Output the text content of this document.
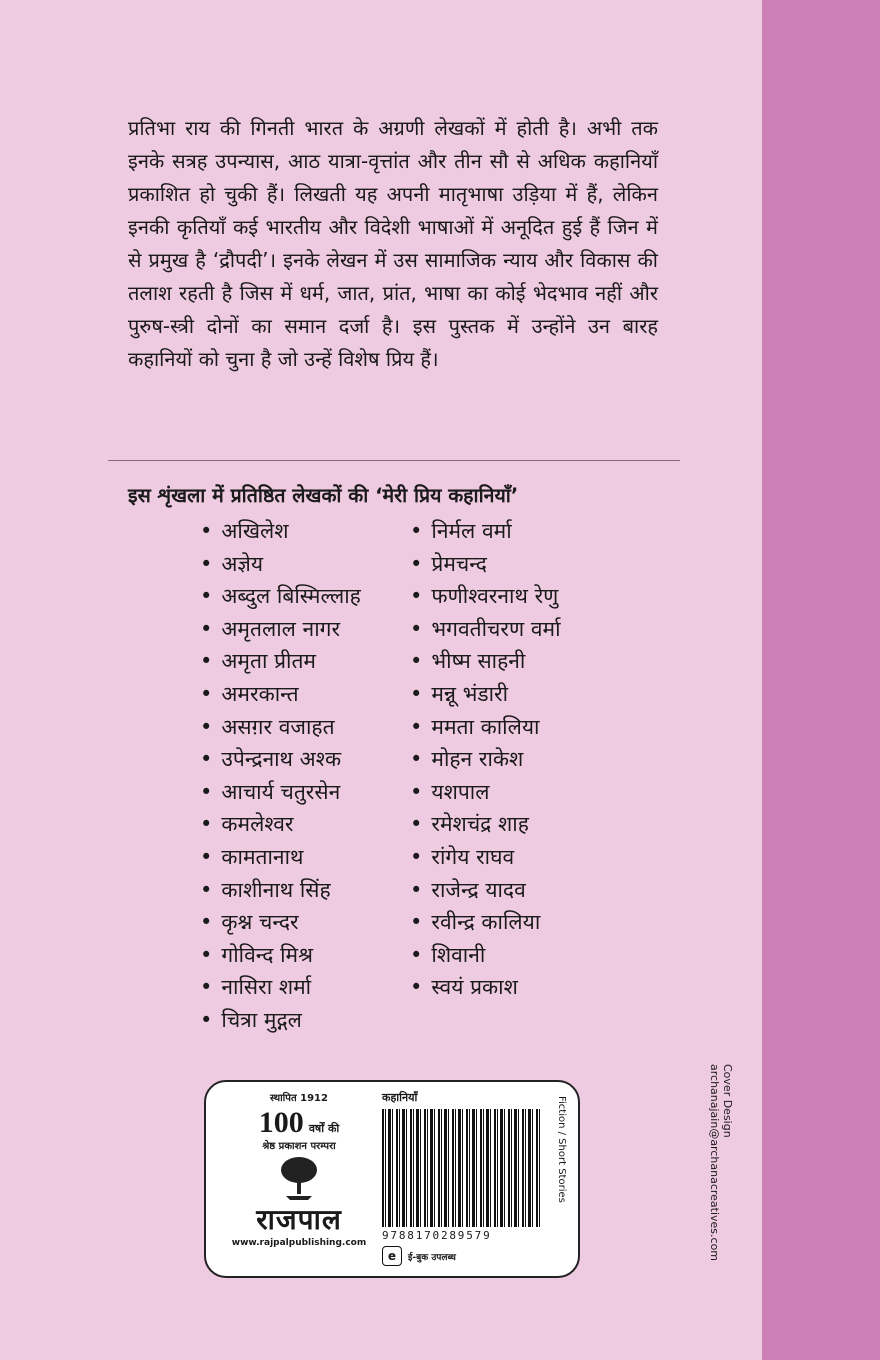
प्रतिभा राय की गिनती भारत के अग्रणी लेखकों में होती है। अभी तक इनके सत्रह उपन्यास, आठ यात्रा-वृत्तांत और तीन सौ से अधिक कहानियाँ प्रकाशित हो चुकी हैं। लिखती यह अपनी मातृभाषा उड़िया में हैं, लेकिन इनकी कृतियाँ कई भारतीय और विदेशी भाषाओं में अनूदित हुई हैं जिन में से प्रमुख है ‘द्रौपदी’। इनके लेखन में उस सामाजिक न्याय और विकास की तलाश रहती है जिस में धर्म, जात, प्रांत, भाषा का कोई भेदभाव नहीं और पुरुष-स्त्री दोनों का समान दर्जा है। इस पुस्तक में उन्होंने उन बारह कहानियों को चुना है जो उन्हें विशेष प्रिय हैं।

इस शृंखला में प्रतिष्ठित लेखकों की ‘मेरी प्रिय कहानियाँ’
• अखिलेश
• अज्ञेय
• अब्दुल बिस्मिल्लाह
• अमृतलाल नागर
• अमृता प्रीतम
• अमरकान्त
• असग़र वजाहत
• उपेन्द्रनाथ अश्क
• आचार्य चतुरसेन
• कमलेश्वर
• कामतानाथ
• काशीनाथ सिंह
• कृश्न चन्दर
• गोविन्द मिश्र
• नासिरा शर्मा
• चित्रा मुद्गल
• निर्मल वर्मा
• प्रेमचन्द
• फणीश्वरनाथ रेणु
• भगवतीचरण वर्मा
• भीष्म साहनी
• मन्नू भंडारी
• ममता कालिया
• मोहन राकेश
• यशपाल
• रमेशचंद्र शाह
• रांगेय राघव
• राजेन्द्र यादव
• रवीन्द्र कालिया
• शिवानी
• स्वयं प्रकाश
स्थापित 1912
100 वर्षों की
श्रेष्ठ प्रकाशन परम्परा
राजपाल
www.rajpalpublishing.com
कहानियाँ
9788170289579
e	ई-बुक उपलब्ध
Fiction / Short Stories	Cover Design
archanajain@archanacreatives.com
